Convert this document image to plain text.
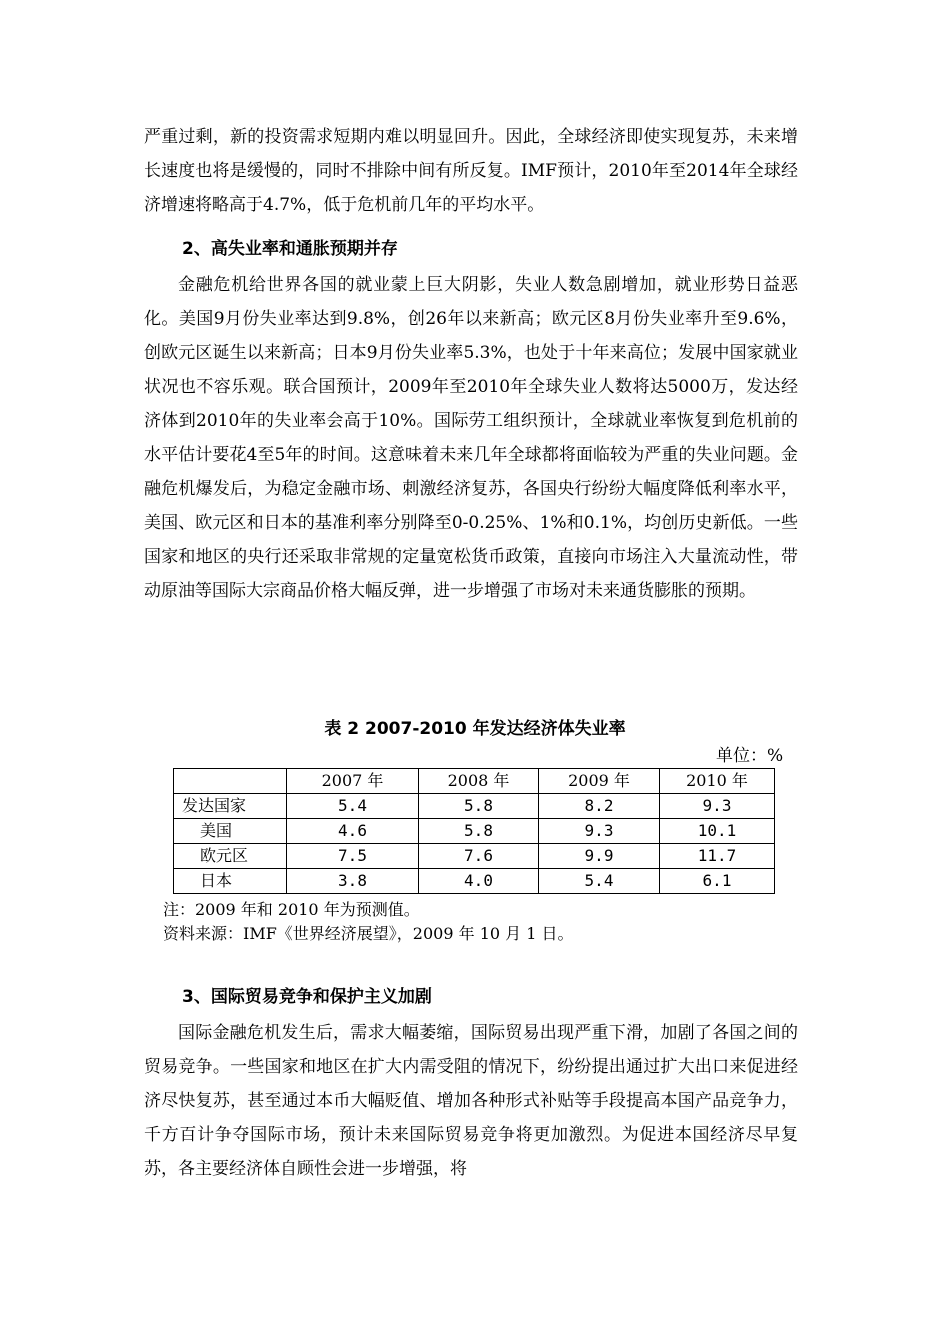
严重过剩，新的投资需求短期内难以明显回升。因此，全球经济即使实现复苏，未来增长速度也将是缓慢的，同时不排除中间有所反复。IMF预计，2010年至2014年全球经济增速将略高于4.7%，低于危机前几年的平均水平。

2、高失业率和通胀预期并存

金融危机给世界各国的就业蒙上巨大阴影，失业人数急剧增加，就业形势日益恶化。美国9月份失业率达到9.8%，创26年以来新高；欧元区8月份失业率升至9.6%，创欧元区诞生以来新高；日本9月份失业率5.3%，也处于十年来高位；发展中国家就业状况也不容乐观。联合国预计，2009年至2010年全球失业人数将达5000万，发达经济体到2010年的失业率会高于10%。国际劳工组织预计，全球就业率恢复到危机前的水平估计要花4至5年的时间。这意味着未来几年全球都将面临较为严重的失业问题。金融危机爆发后，为稳定金融市场、刺激经济复苏，各国央行纷纷大幅度降低利率水平，美国、欧元区和日本的基准利率分别降至0-0.25%、1%和0.1%，均创历史新低。一些国家和地区的央行还采取非常规的定量宽松货币政策，直接向市场注入大量流动性，带动原油等国际大宗商品价格大幅反弹，进一步增强了市场对未来通货膨胀的预期。

表 2 2007-2010 年发达经济体失业率

单位：%
	2007 年	2008 年	2009 年	2010 年
发达国家	5.4	5.8	8.2	9.3
美国	4.6	5.8	9.3	10.1
欧元区	7.5	7.6	9.9	11.7
日本	3.8	4.0	5.4	6.1

注：2009 年和 2010 年为预测值。

资料来源：IMF《世界经济展望》，2009 年 10 月 1 日。

3、国际贸易竞争和保护主义加剧

国际金融危机发生后，需求大幅萎缩，国际贸易出现严重下滑，加剧了各国之间的贸易竞争。一些国家和地区在扩大内需受阻的情况下，纷纷提出通过扩大出口来促进经济尽快复苏，甚至通过本币大幅贬值、增加各种形式补贴等手段提高本国产品竞争力，千方百计争夺国际市场，预计未来国际贸易竞争将更加激烈。为促进本国经济尽早复苏，各主要经济体自顾性会进一步增强，将
